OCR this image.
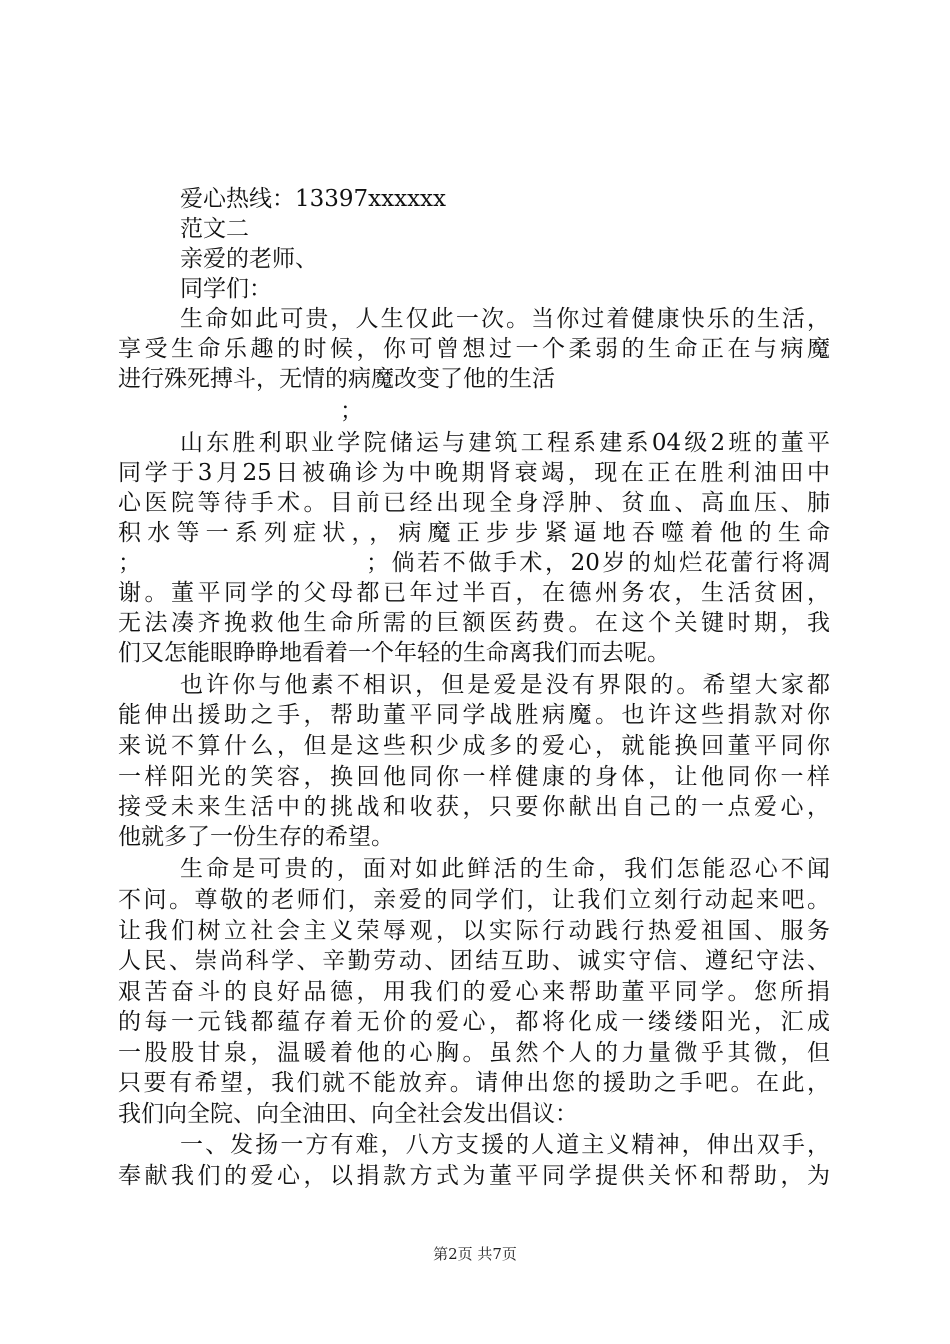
爱心热线：13397xxxxxx
范文二
亲爱的老师、
同学们：
生命如此可贵，人生仅此一次。当你过着健康快乐的生活，
享受生命乐趣的时候，你可曾想过一个柔弱的生命正在与病魔
进行殊死搏斗，无情的病魔改变了他的生活
；
山东胜利职业学院储运与建筑工程系建系04级2班的董平
同学于3月25日被确诊为中晚期肾衰竭，现在正在胜利油田中
心医院等待手术。目前已经出现全身浮肿、贫血、高血压、肺
积水等一系列症状，，病魔正步步紧逼地吞噬着他的生命
；	；倘若不做手术，20岁的灿烂花蕾行将凋
谢。董平同学的父母都已年过半百，在德州务农，生活贫困，
无法凑齐挽救他生命所需的巨额医药费。在这个关键时期，我
们又怎能眼睁睁地看着一个年轻的生命离我们而去呢。
也许你与他素不相识，但是爱是没有界限的。希望大家都
能伸出援助之手，帮助董平同学战胜病魔。也许这些捐款对你
来说不算什么，但是这些积少成多的爱心，就能换回董平同你
一样阳光的笑容，换回他同你一样健康的身体，让他同你一样
接受未来生活中的挑战和收获，只要你献出自己的一点爱心，
他就多了一份生存的希望。
生命是可贵的，面对如此鲜活的生命，我们怎能忍心不闻
不问。尊敬的老师们，亲爱的同学们，让我们立刻行动起来吧。
让我们树立社会主义荣辱观，以实际行动践行热爱祖国、服务
人民、崇尚科学、辛勤劳动、团结互助、诚实守信、遵纪守法、
艰苦奋斗的良好品德，用我们的爱心来帮助董平同学。您所捐
的每一元钱都蕴存着无价的爱心，都将化成一缕缕阳光，汇成
一股股甘泉，温暖着他的心胸。虽然个人的力量微乎其微，但
只要有希望，我们就不能放弃。请伸出您的援助之手吧。在此，
我们向全院、向全油田、向全社会发出倡议：
一、发扬一方有难，八方支援的人道主义精神，伸出双手，
奉献我们的爱心，以捐款方式为董平同学提供关怀和帮助，为
第2页 共7页
